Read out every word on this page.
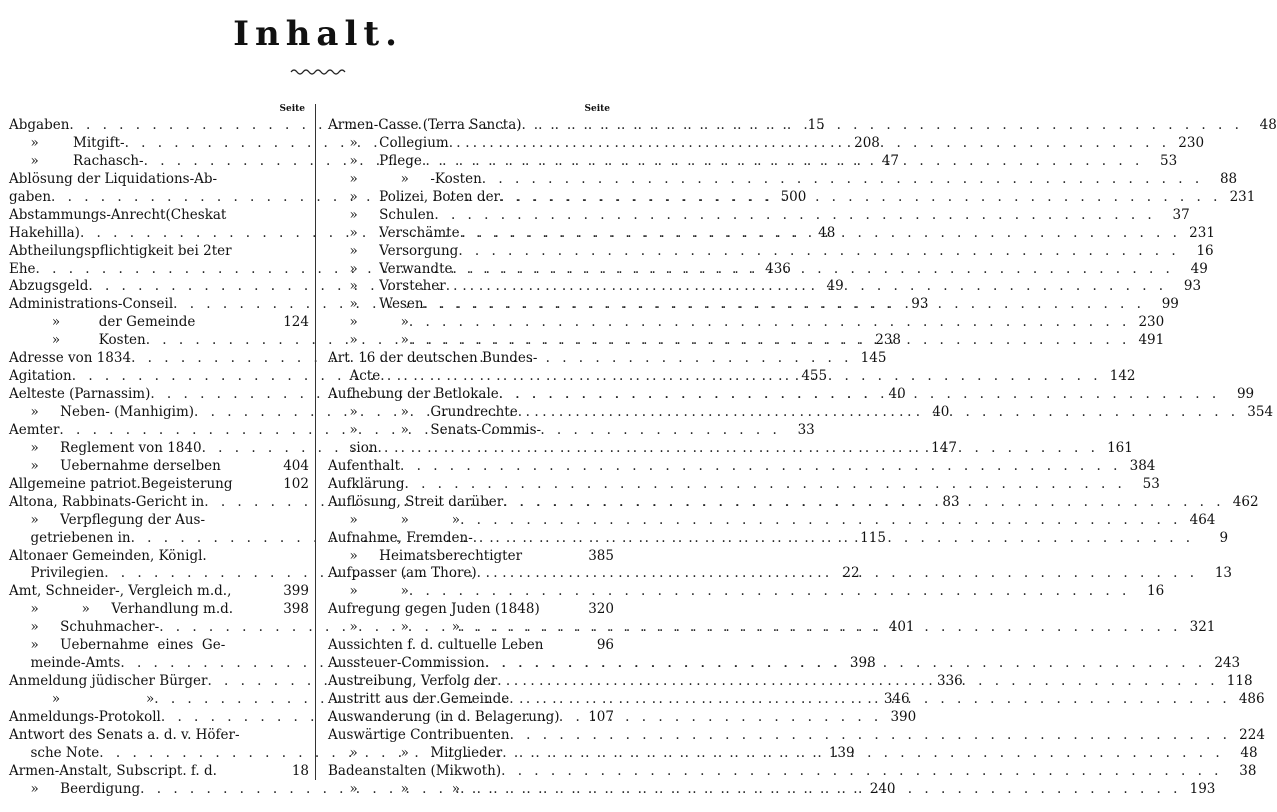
Inhalt.
Seite
Abgaben . . .	15
»        Mitgift- . . .	208
»        Rachasch- . . .	47
Ablösung der Liquidations-Ab-
gaben . . .	500
Abstammungs-Anrecht(Cheskat
Hakehilla) . . .	48
Abtheilungspflichtigkeit bei 2ter
Ehe . . .	436
Abzugsgeld . . .	49
Administrations-Conseil . . .	93
»         der Gemeinde	124
»         Kosten . . .	238
Adresse von 1834 . . .	145
Agitation . . .	455
Aelteste (Parnassim) . . .	40
»     Neben- (Manhigim) . . .	40
Aemter . . .	33
»     Reglement von 1840 . . .	147
»     Uebernahme derselben	404
Allgemeine patriot.Begeisterung	102
Altona, Rabbinats-Gericht in . . .	83
»     Verpflegung der Aus-
getriebenen in . . .	115
Altonaer Gemeinden, Königl.
Privilegien . . .	22
Amt, Schneider-, Vergleich m.d.,	399
»          »     Verhandlung m.d.	398
»     Schuhmacher- . . .	401
»     Uebernahme  eines  Ge-
meinde-Amts . . .	398
Anmeldung jüdischer Bürger . . .	336
»                    » . . .	346
Anmeldungs-Protokoll . . .	390
Antwort des Senats a. d. v. Höfer-
sche Note . . .	139
Armen-Anstalt, Subscript. f. d.	18
»     Beerdigung . . .	240
Seite
Armen-Casse (Terra Sancta) . . .	48
»     Collegium . . .	230
»     Pflege . . .	53
»          »     -Kosten . . .	88
»     Polizei, Boten der . . .	231
»     Schulen . . .	37
»     Verschämte . . .	231
»     Versorgung . . .	16
»     Verwandte . . .	49
»     Vorsteher . . .	93
»     Wesen . . .	99
»          » . . .	230
»          » . . .	491
Art. 16 der deutschen Bundes-
Acte . . .	142
Aufhebung der Betlokale . . .	99
»          »     Grundrechte . . .	354
»          »     Senats-Commis-
sion . . .	161
Aufenthalt . . .	384
Aufklärung . . .	53
Auflösung, Streit darüber . . .	462
»          »          » . . .	464
Aufnahme, Fremden- . . .	9
»     Heimatsberechtigter	385
Aufpasser (am Thore) . . .	13
»          » . . .	16
Aufregung gegen Juden (1848)	320
»          »          » . . .	321
Aussichten f. d. cultuelle Leben	96
Aussteuer-Commission . . .	243
Austreibung, Verfolg der . . .	118
Austritt aus der Gemeinde . . .	486
Auswanderung (in d. Belagerung)	107
Auswärtige Contribuenten . . .	224
»          »     Mitglieder . . .	48
Badeanstalten (Mikwoth) . . .	38
»          »          » . . .	193
